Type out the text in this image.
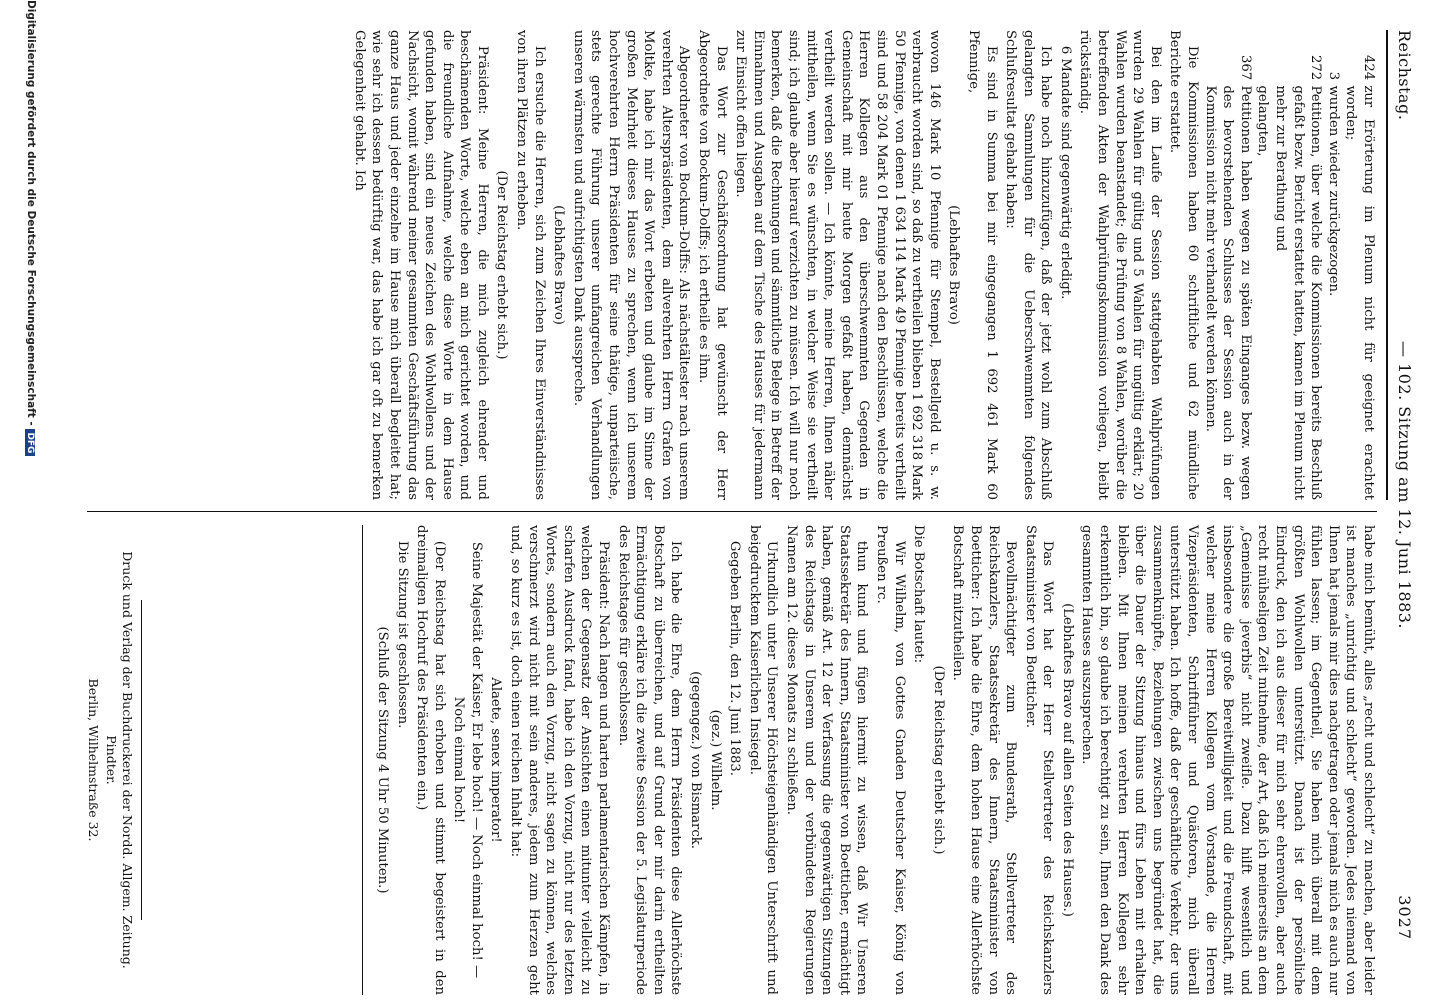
Reichstag.
— 102. Sitzung am 12. Juni 1883.
3027
424
zur Erörterung im Plenum nicht für geeignet erachtet worden;
3
wurden wieder zurückgezogen.
272
Petitionen, über welche die Kommissionen bereits Beschluß gefaßt bezw. Bericht erstattet hatten, kamen im Plenum nicht mehr zur Berathung und
gelangten,
367
Petitionen haben wegen zu späten Einganges bezw. wegen des bevorstehenden Schlusses der Session auch in der Kommission nicht mehr verhandelt werden können.

Die Kommissionen haben 60 schriftliche und 62 mündliche Berichte erstattet.

Bei den im Laufe der Session stattgehabten Wahlprüfungen wurden 29 Wahlen für gültig und 5 Wahlen für ungültig erklärt; 20 Wahlen wurden beanstandet; die Prüfung von 8 Wahlen, worüber die betreffenden Akten der Wahlprüfungskommission vorliegen, bleibt rückständig.

6 Mandate sind gegenwärtig erledigt.

Ich habe noch hinzuzufügen, daß der jetzt wohl zum Abschluß gelangten Sammlungen für die Ueberschwemmten folgendes Schlußresultat gehabt haben:

Es sind in Summa bei mir eingegangen 1 692 461 Mark 60 Pfennige,

(Lebhaftes Bravo)

wovon 146 Mark 10 Pfennige für Stempel, Bestellgeld u. s. w. verbraucht worden sind, so daß zu vertheilen blieben 1 692 318 Mark 50 Pfennige, von denen 1 634 114 Mark 49 Pfennige bereits vertheilt sind und 58 204 Mark 01 Pfennige nach den Beschlüssen, welche die Herren Kollegen aus den überschwemmten Gegenden in Gemeinschaft mit mir heute Morgen gefaßt haben, demnächst vertheilt werden sollen. — Ich könnte, meine Herren, Ihnen näher mittheilen, wenn Sie es wünschten, in welcher Weise sie vertheilt sind; ich glaube aber hierauf verzichten zu müssen. Ich will nur noch bemerken, daß die Rechnungen und sämmtliche Belege in Betreff der Einnahmen und Ausgaben auf dem Tische des Hauses für jedermann zur Einsicht offen liegen.

Das Wort zur Geschäftsordnung hat gewünscht der Herr Abgeordnete von Bockum-Dolffs; ich ertheile es ihm.

Abgeordneter von Bockum-Dolffs: Als nächstältester nach unserem verehrten Alterspräsidenten, dem allverehrten Herrn Grafen von Moltke, habe ich mir das Wort erbeten und glaube im Sinne der großen Mehrheit dieses Hauses zu sprechen, wenn ich unserem hochverehrten Herrn Präsidenten für seine thätige, unparteiische, stets gerechte Führung unserer umfangreichen Verhandlungen unseren wärmsten und aufrichtigsten Dank ausspreche.

(Lebhaftes Bravo)

Ich ersuche die Herren, sich zum Zeichen Ihres Einverständnisses von ihren Plätzen zu erheben.

(Der Reichstag erhebt sich.)

Präsident: Meine Herren, die mich zugleich ehrender und beschämenden Worte, welche eben an mich gerichtet worden, und die freundliche Aufnahme, welche diese Worte in dem Hause gefunden haben, sind ein neues Zeichen des Wohlwollens und der Nachsicht, womit während meiner gesammten Geschäftsführung das ganze Haus und jeder einzelne im Hause mich überall begleitet hat; wie sehr ich dessen bedürftig war, das habe ich gar oft zu bemerken Gelegenheit gehabt. Ich

habe mich bemüht, alles „recht und schlecht“ zu machen, aber leider ist manches „unrichtig und schlecht“ geworden. Jedes niemand von Ihnen hat jemals mir dies nachgetragen oder jemals mich es auch nur fühlen lassen; im Gegentheil, Sie haben mich überall mit dem größten Wohlwollen unterstützt. Danach ist der persönliche Eindruck, den ich aus dieser für mich sehr ehrenvollen, aber auch recht mühseligen Zeit mitnehme, der Art, daß ich meinerseits an dem „Gemeinisse jeverbis“ nicht zweifle. Dazu hilft wesentlich und insbesondere die große Bereitwilligkeit und die Freundschaft, mit welcher meine Herren Kollegen vom Vorstande, die Herren Vizepräsidenten, Schriftführer und Quästoren, mich überall unterstützt haben. Ich hoffe, daß der geschäftliche Verkehr, der uns zusammenknüpfte, Beziehungen zwischen uns begründet hat, die über die Dauer der Sitzung hinaus und fürs Leben mit erhalten bleiben. Mit Ihnen meinen verehrten Herren Kollegen sehr erkenntlich bin, so glaube ich berechtigt zu sein, Ihnen den Dank des gesammten Hauses auszusprechen.

(Lebhaftes Bravo auf allen Seiten des Hauses.)

Das Wort hat der Herr Stellvertreter des Reichskanzlers Staatsminister von Boetticher.

Bevollmächtigter zum Bundesrath, Stellvertreter des Reichskanzlers, Staatssekretär des Innern, Staatsminister von Boetticher: Ich habe die Ehre, dem hohen Hause eine Allerhöchste Botschaft mitzutheilen.

(Der Reichstag erhebt sich.)

Die Botschaft lautet:

Wir Wilhelm, von Gottes Gnaden Deutscher Kaiser, König von Preußen rc.

thun kund und fügen hiermit zu wissen, daß Wir Unseren Staatssekretär des Innern, Staatsminister von Boetticher, ermächtigt haben, gemäß Art. 12 der Verfassung die gegenwärtigen Sitzungen des Reichstags in Unserem und der verbündeten Regierungen Namen am 12. dieses Monats zu schließen.

Urkundlich unter Unserer Höchsteigenhändigen Unterschrift und beigedrucktem Kaiserlichen Insiegel.

Gegeben Berlin, den 12. Juni 1883.

(gez.) Wilhelm.

(gegengez.) von Bismarck.

Ich habe die Ehre, dem Herrn Präsidenten diese Allerhöchste Botschaft zu überreichen, und auf Grund der mir darin ertheilten Ermächtigung erkläre ich die zweite Session der 5. Legislaturperiode des Reichstages für geschlossen.

Präsident: Nach langen und harten parlamentarischen Kämpfen, in welchen der Gegensatz der Ansichten einen mitunter vielleicht zu scharfen Ausdruck fand, habe ich den Vorzug, nicht nur des letzten Wortes, sondern auch den Vorzug, nicht sagen zu können, welches verschmerzt wird nicht mit sein anderes, jedem zum Herzen geht und, so kurz es ist, doch einen reichen Inhalt hat:

Alaete, senex imperator!

Seine Majestät der Kaiser, Er lebe hoch! — Noch einmal hoch! — Noch einmal hoch!

(Der Reichstag hat sich erhoben und stimmt begeistert in den dreimaligen Hochruf des Präsidenten ein.)

Die Sitzung ist geschlossen.

(Schluß der Sitzung 4 Uhr 50 Minuten.)

Druck und Verlag der Buchdruckerei der Nordd. Allgem. Zeitung. Pindter.

Berlin, Wilhelmstraße 32.

Digitalisierung gefördert durch die Deutsche Forschungsgemeinschaft - DFG
